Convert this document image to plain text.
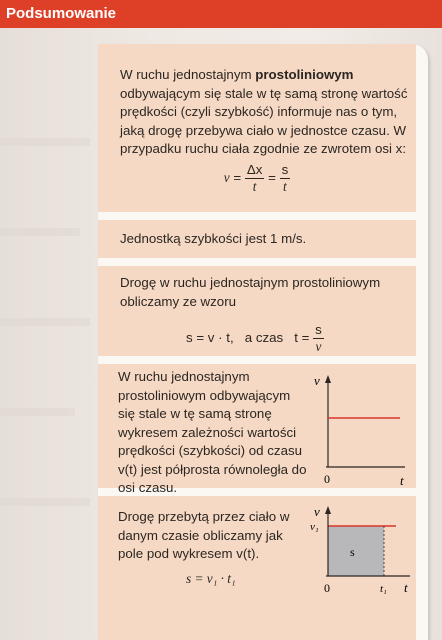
Podsumowanie
W ruchu jednostajnym prostoliniowym odbywającym się stale w tę samą stronę wartość prędkości (czyli szybkość) informuje nas o tym, jaką drogę przebywa ciało w jednostce czasu. W przypadku ruchu ciała zgodnie ze zwrotem osi x:
$v = \frac{\Delta x}{t} = \frac{s}{t}$
Jednostką szybkości jest 1 m/s.
Drogę w ruchu jednostajnym prostoliniowym obliczamy ze wzoru
s = v · t, a czas $t = \frac{s}{v}$
W ruchu jednostajnym prostoliniowym odbywającym się stale w tę samą stronę wykresem zależności wartości prędkości (szybkości) od czasu v(t) jest półprosta równoległa do osi czasu.
v
t
0
Drogę przebytą przez ciało w danym czasie obliczamy jak pole pod wykresem v(t).
s = v₁ · t₁
v
v₁
s
0	t₁ t
